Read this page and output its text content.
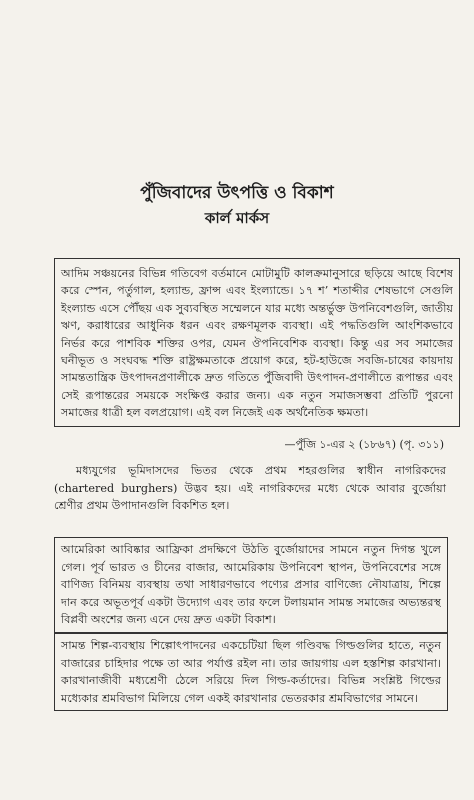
পুঁজিবাদের উৎপত্তি ও বিকাশ
কার্ল মার্কস
আদিম সঞ্চয়নের বিভিন্ন গতিবেগ বর্তমানে মোটামুটি কালক্রমানুসারে ছড়িয়ে আছে বিশেষ করে স্পেন, পর্তুগাল, হল্যান্ড, ফ্রান্স এবং ইংল্যান্ডে। ১৭ শ’ শতাব্দীর শেষভাগে সেগুলি ইংল্যান্ড এসে পৌঁছয় এক সুব্যবস্থিত সম্মেলনে যার মধ্যে অন্তর্ভুক্ত উপনিবেশগুলি, জাতীয় ঋণ, করাধারের আধুনিক ধরন এবং রক্ষণমূলক ব্যবস্থা। এই পদ্ধতিগুলি আংশিকভাবে নির্ভর করে পাশবিক শক্তির ওপর, যেমন ঔপনিবেশিক ব্যবস্থা। কিন্তু এর সব সমাজের ঘনীভূত ও সংঘবদ্ধ শক্তি রাষ্ট্রক্ষমতাকে প্রয়োগ করে, হট-হাউজে সবজি-চাষের কায়দায় সামন্ততান্ত্রিক উৎপাদনপ্রণালীকে দ্রুত গতিতে পুঁজিবাদী উৎপাদন-প্রণালীতে রূপান্তর এবং সেই রূপান্তরের সময়কে সংক্ষিপ্ত করার জন্য। এক নতুন সমাজসম্ভবা প্রতিটি পুরনো সমাজের ধাত্রী হল বলপ্রয়োগ। এই বল নিজেই এক অর্থনৈতিক ক্ষমতা।
—পুঁজি ১-এর ২ (১৮৬৭) (পৃ. ৩১১)
মধ্যযুগের ভূমিদাসদের ভিতর থেকে প্রথম শহরগুলির স্বাধীন নাগরিকদের (chartered burghers) উদ্ভব হয়। এই নাগরিকদের মধ্যে থেকে আবার বুর্জোয়া শ্রেণীর প্রথম উপাদানগুলি বিকশিত হল।
আমেরিকা আবিষ্কার আফ্রিকা প্রদক্ষিণে উঠতি বুর্জোয়াদের সামনে নতুন দিগন্ত খুলে গেল। পূর্ব ভারত ও চীনের বাজার, আমেরিকায় উপনিবেশ স্থাপন, উপনিবেশের সঙ্গে বাণিজ্য বিনিময় ব্যবস্থায় তথা সাধারণভাবে পণ্যের প্রসার বাণিজ্যে নৌযাত্রায়, শিল্পে দান করে অভূতপূর্ব একটা উদ্যোগ এবং তার ফলে টলায়মান সামন্ত সমাজের অভ্যন্তরস্থ বিপ্লবী অংশের জন্য এনে দেয় দ্রুত একটা বিকাশ।
সামন্ত শিল্প-ব্যবস্থায় শিল্পোৎপাদনের একচেটিয়া ছিল গণ্ডিবদ্ধ গিল্ডগুলির হাতে, নতুন বাজারের চাহিদার পক্ষে তা আর পর্যাপ্ত রইল না। তার জায়গায় এল হস্তশিল্প কারখানা। কারখানাজীবী মধ্যশ্রেণী ঠেলে সরিয়ে দিল গিল্ড-কর্তাদের। বিভিন্ন সংশ্লিষ্ট গিল্ডের মধ্যেকার শ্রমবিভাগ মিলিয়ে গেল একই কারখানার ভেতরকার শ্রমবিভাগের সামনে।
